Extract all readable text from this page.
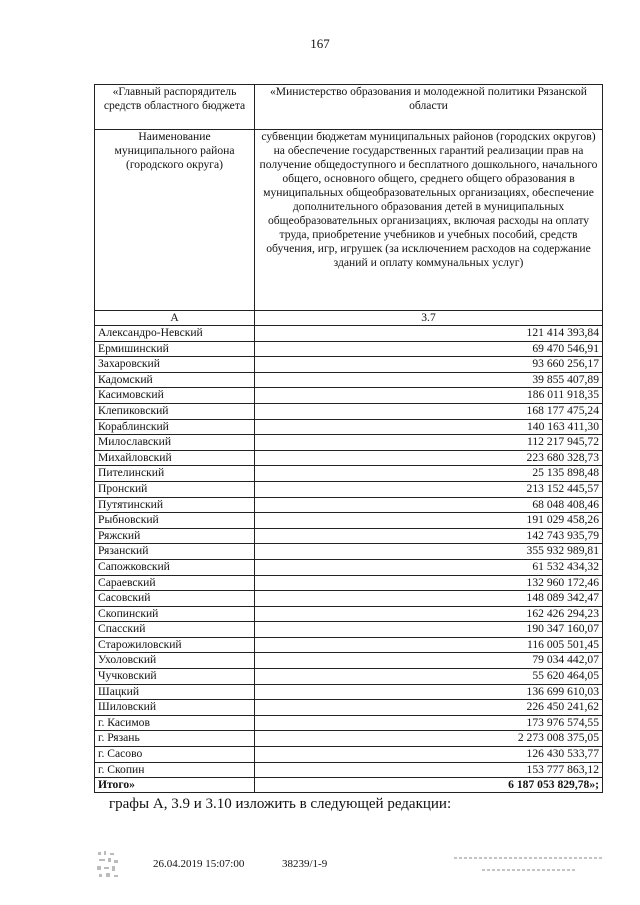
167
«Главный распорядитель средств областного бюджета	«Министерство образования и молодежной политики Рязанской области
Наименование муниципального района (городского округа)	субвенции бюджетам муниципальных районов (городских округов) на обеспечение государственных гарантий реализации прав на получение общедоступного и бесплатного дошкольного, начального общего, основного общего, среднего общего образования в муниципальных общеобразовательных организациях, обеспечение дополнительного образования детей в муниципальных общеобразовательных организациях, включая расходы на оплату труда, приобретение учебников и учебных пособий, средств обучения, игр, игрушек (за исключением расходов на содержание зданий и оплату коммунальных услуг)
А	3.7
Александро-Невский	121 414 393,84
Ермишинский	69 470 546,91
Захаровский	93 660 256,17
Кадомский	39 855 407,89
Касимовский	186 011 918,35
Клепиковский	168 177 475,24
Кораблинский	140 163 411,30
Милославский	112 217 945,72
Михайловский	223 680 328,73
Пителинский	25 135 898,48
Пронский	213 152 445,57
Путятинский	68 048 408,46
Рыбновский	191 029 458,26
Ряжский	142 743 935,79
Рязанский	355 932 989,81
Сапожковский	61 532 434,32
Сараевский	132 960 172,46
Сасовский	148 089 342,47
Скопинский	162 426 294,23
Спасский	190 347 160,07
Старожиловский	116 005 501,45
Ухоловский	79 034 442,07
Чучковский	55 620 464,05
Шацкий	136 699 610,03
Шиловский	226 450 241,62
г. Касимов	173 976 574,55
г. Рязань	2 273 008 375,05
г. Сасово	126 430 533,77
г. Скопин	153 777 863,12
Итого»	6 187 053 829,78»;
графы А, 3.9 и 3.10 изложить в следующей редакции:
26.04.2019 15:07:00	38239/1-9
